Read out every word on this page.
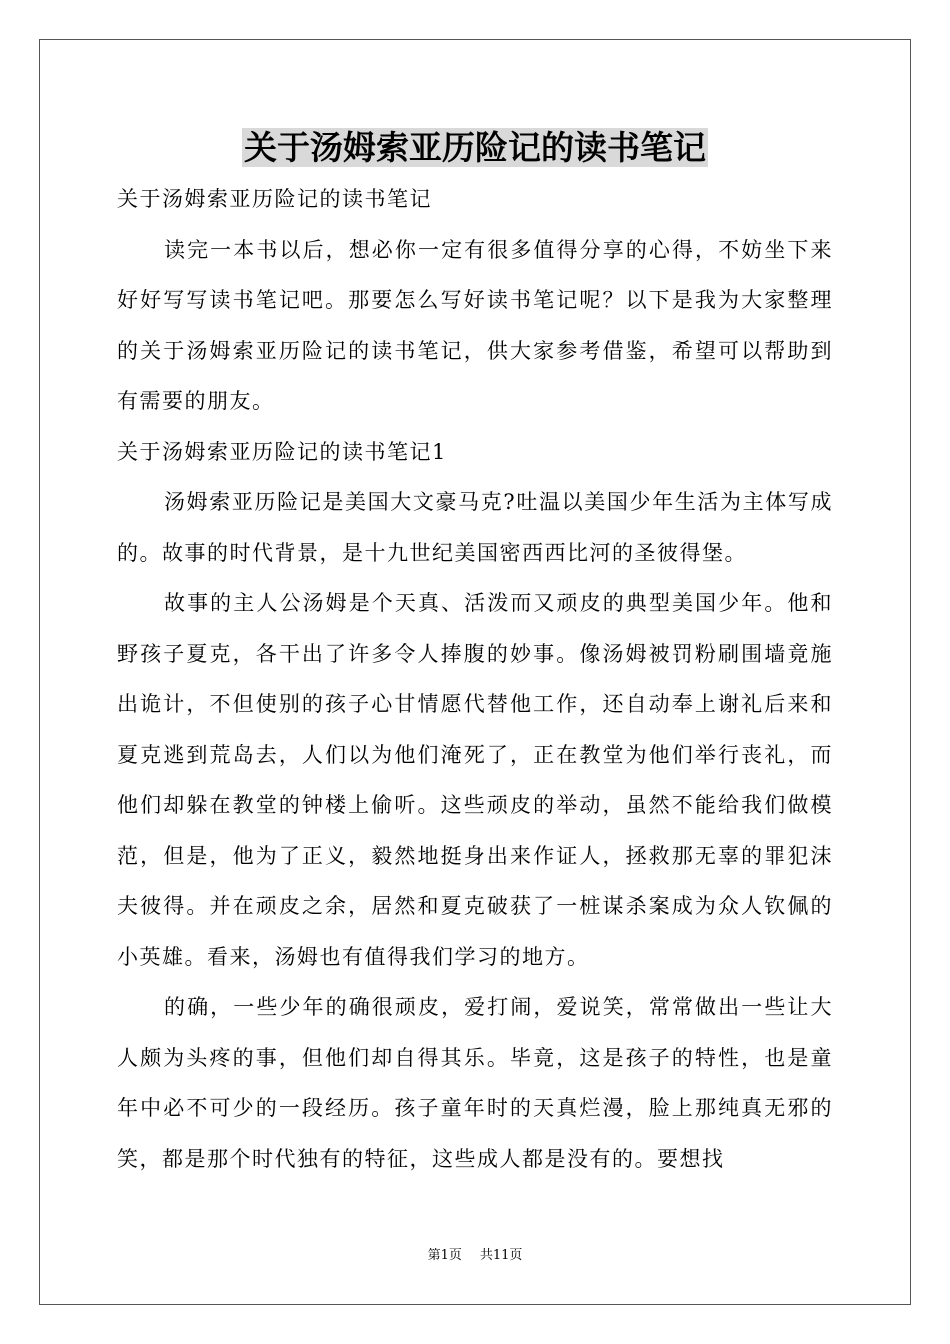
关于汤姆索亚历险记的读书笔记

关于汤姆索亚历险记的读书笔记

读完一本书以后，想必你一定有很多值得分享的心得，不妨坐下来好好写写读书笔记吧。那要怎么写好读书笔记呢？以下是我为大家整理的关于汤姆索亚历险记的读书笔记，供大家参考借鉴，希望可以帮助到有需要的朋友。

关于汤姆索亚历险记的读书笔记1

汤姆索亚历险记是美国大文豪马克?吐温以美国少年生活为主体写成的。故事的时代背景，是十九世纪美国密西西比河的圣彼得堡。

故事的主人公汤姆是个天真、活泼而又顽皮的典型美国少年。他和野孩子夏克，各干出了许多令人捧腹的妙事。像汤姆被罚粉刷围墙竟施出诡计，不但使别的孩子心甘情愿代替他工作，还自动奉上谢礼后来和夏克逃到荒岛去，人们以为他们淹死了，正在教堂为他们举行丧礼，而他们却躲在教堂的钟楼上偷听。这些顽皮的举动，虽然不能给我们做模范，但是，他为了正义，毅然地挺身出来作证人，拯救那无辜的罪犯沫夫彼得。并在顽皮之余，居然和夏克破获了一桩谋杀案成为众人钦佩的小英雄。看来，汤姆也有值得我们学习的地方。

的确，一些少年的确很顽皮，爱打闹，爱说笑，常常做出一些让大人颇为头疼的事，但他们却自得其乐。毕竟，这是孩子的特性，也是童年中必不可少的一段经历。孩子童年时的天真烂漫，脸上那纯真无邪的笑，都是那个时代独有的特征，这些成人都是没有的。要想找

第1页 共11页
